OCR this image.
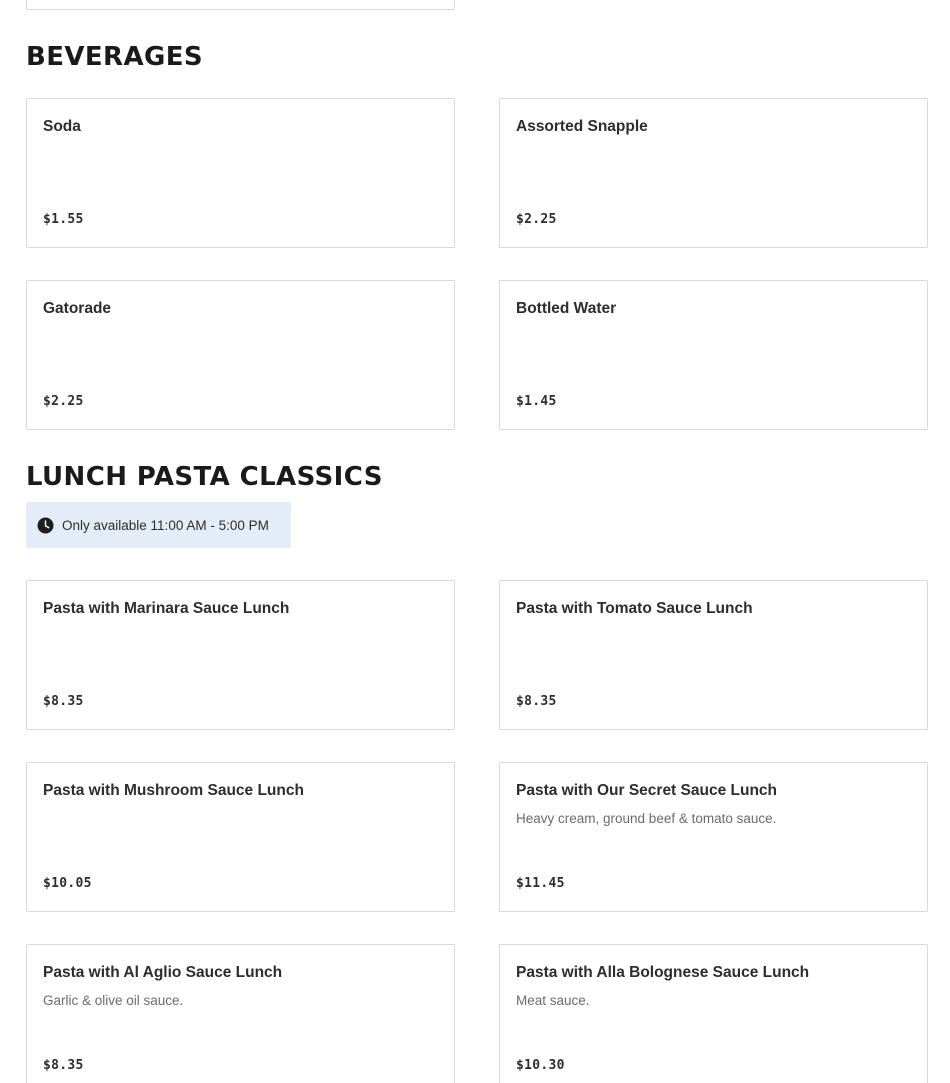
BEVERAGES
Soda
$1.55
Assorted Snapple
$2.25
Gatorade
$2.25
Bottled Water
$1.45
LUNCH PASTA CLASSICS
Only available 11:00 AM - 5:00 PM
Pasta with Marinara Sauce Lunch
$8.35
Pasta with Tomato Sauce Lunch
$8.35
Pasta with Mushroom Sauce Lunch
$10.05
Pasta with Our Secret Sauce Lunch
Heavy cream, ground beef & tomato sauce.
$11.45
Pasta with Al Aglio Sauce Lunch
Garlic & olive oil sauce.
$8.35
Pasta with Alla Bolognese Sauce Lunch
Meat sauce.
$10.30
